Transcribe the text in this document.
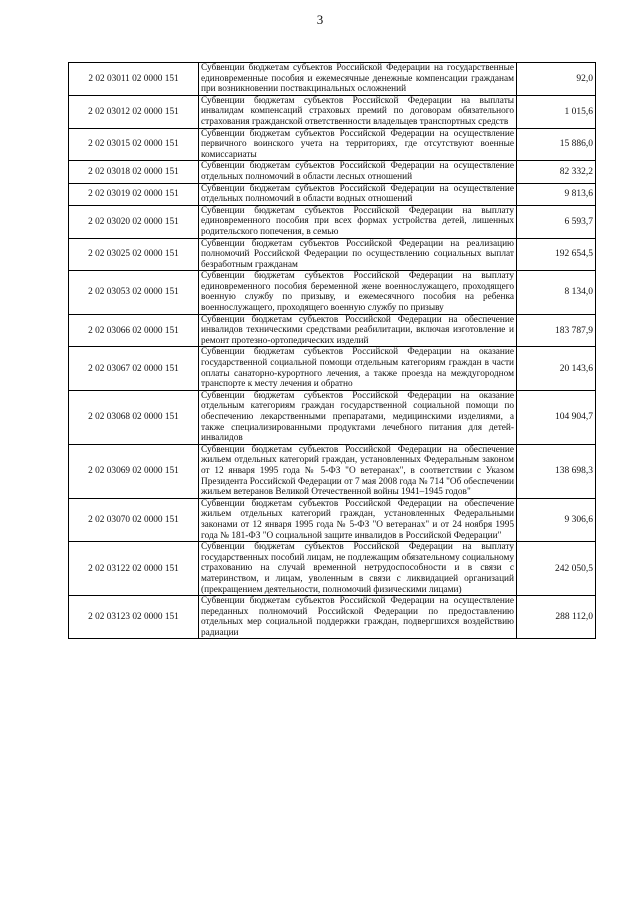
3
2 02 03011 02 0000 151	Субвенции бюджетам субъектов Российской Федерации на государственные единовременные пособия и ежемесячные денежные компенсации гражданам при возникновении поствакцинальных осложнений	92,0
2 02 03012 02 0000 151	Субвенции бюджетам субъектов Российской Федерации на выплаты инвалидам компенсаций страховых премий по договорам обязательного страхования гражданской ответственности владельцев транспортных средств	1 015,6
2 02 03015 02 0000 151	Субвенции бюджетам субъектов Российской Федерации на осуществление первичного воинского учета на территориях, где отсутствуют военные комиссариаты	15 886,0
2 02 03018 02 0000 151	Субвенции бюджетам субъектов Российской Федерации на осуществление отдельных полномочий в области лесных отношений	82 332,2
2 02 03019 02 0000 151	Субвенции бюджетам субъектов Российской Федерации на осуществление отдельных полномочий в области водных отношений	9 813,6
2 02 03020 02 0000 151	Субвенции бюджетам субъектов Российской Федерации на выплату единовременного пособия при всех формах устройства детей, лишенных родительского попечения, в семью	6 593,7
2 02 03025 02 0000 151	Субвенции бюджетам субъектов Российской Федерации на реализацию полномочий Российской Федерации по осуществлению социальных выплат безработным гражданам	192 654,5
2 02 03053 02 0000 151	Субвенции бюджетам субъектов Российской Федерации на выплату единовременного пособия беременной жене военнослужащего, проходящего военную службу по призыву, и ежемесячного пособия на ребенка военнослужащего, проходящего военную службу по призыву	8 134,0
2 02 03066 02 0000 151	Субвенции бюджетам субъектов Российской Федерации на обеспечение инвалидов техническими средствами реабилитации, включая изготовление и ремонт протезно-ортопедических изделий	183 787,9
2 02 03067 02 0000 151	Субвенции бюджетам субъектов Российской Федерации на оказание государственной социальной помощи отдельным категориям граждан в части оплаты санаторно-курортного лечения, а также проезда на междугородном транспорте к месту лечения и обратно	20 143,6
2 02 03068 02 0000 151	Субвенции бюджетам субъектов Российской Федерации на оказание отдельным категориям граждан государственной социальной помощи по обеспечению лекарственными препаратами, медицинскими изделиями, а также специализированными продуктами лечебного питания для детей-инвалидов	104 904,7
2 02 03069 02 0000 151	Субвенции бюджетам субъектов Российской Федерации на обеспечение жильем отдельных категорий граждан, установленных Федеральным законом от 12 января 1995 года № 5-ФЗ "О ветеранах", в соответствии с Указом Президента Российской Федерации от 7 мая 2008 года № 714 "Об обеспечении жильем ветеранов Великой Отечественной войны 1941–1945 годов"	138 698,3
2 02 03070 02 0000 151	Субвенции бюджетам субъектов Российской Федерации на обеспечение жильем отдельных категорий граждан, установленных Федеральными законами от 12 января 1995 года № 5-ФЗ "О ветеранах" и от 24 ноября 1995 года № 181-ФЗ "О социальной защите инвалидов в Российской Федерации"	9 306,6
2 02 03122 02 0000 151	Субвенции бюджетам субъектов Российской Федерации на выплату государственных пособий лицам, не подлежащим обязательному социальному страхованию на случай временной нетрудоспособности и в связи с материнством, и лицам, уволенным в связи с ликвидацией организаций (прекращением деятельности, полномочий физическими лицами)	242 050,5
2 02 03123 02 0000 151	Субвенции бюджетам субъектов Российской Федерации на осуществление переданных полномочий Российской Федерации по предоставлению отдельных мер социальной поддержки граждан, подвергшихся воздействию радиации	288 112,0
